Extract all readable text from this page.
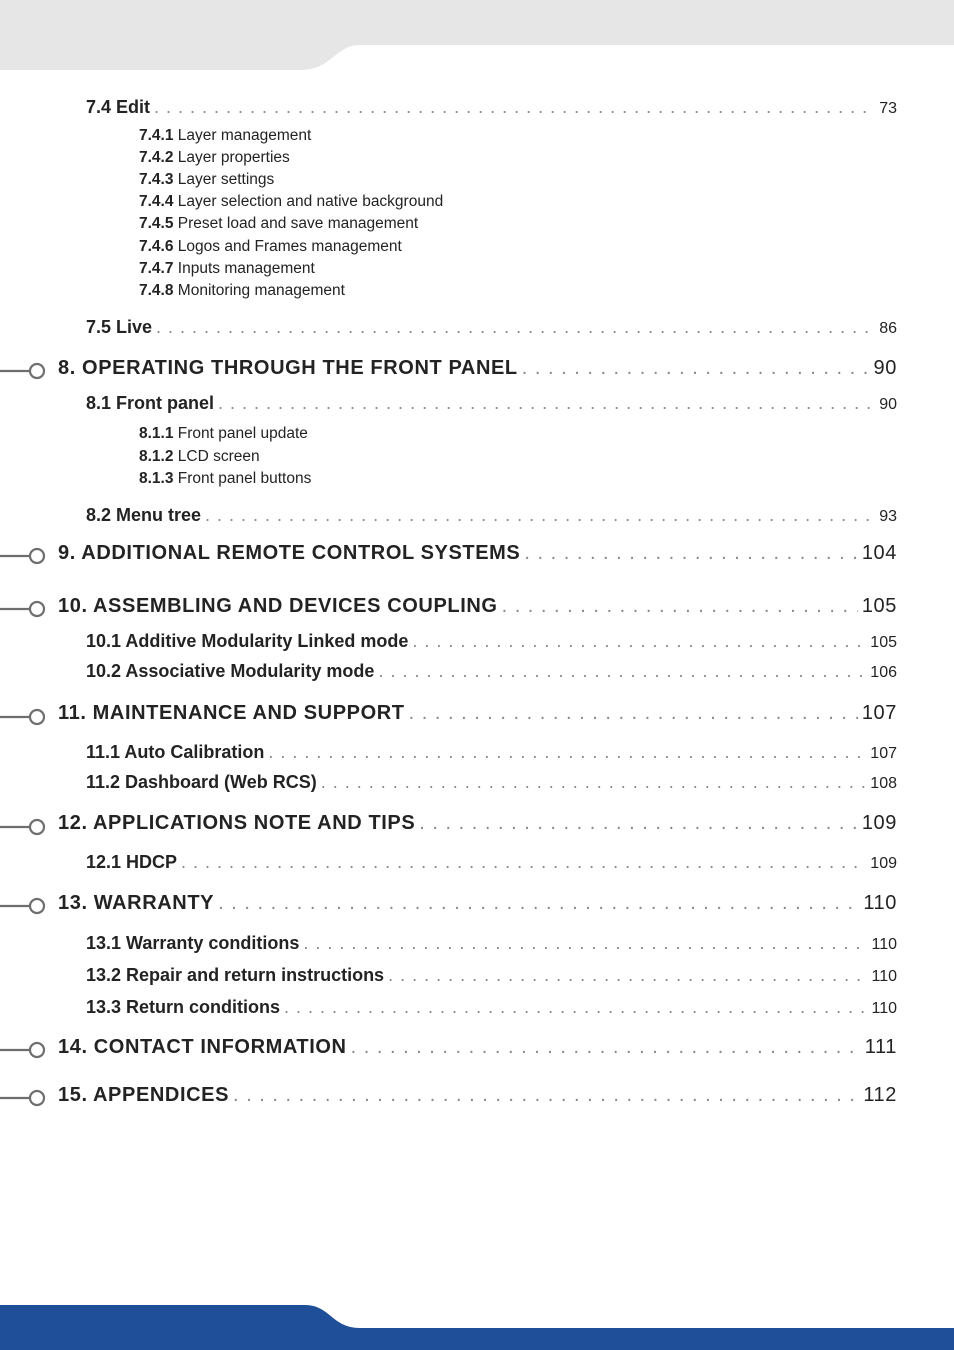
7.4 Edit . . .	73
7.4.1 Layer management
7.4.2 Layer properties
7.4.3 Layer settings
7.4.4 Layer selection and native background
7.4.5 Preset load and save management
7.4.6 Logos and Frames management
7.4.7 Inputs management
7.4.8 Monitoring management
7.5 Live . . .	86
8. OPERATING THROUGH THE FRONT PANEL . . .	90
8.1 Front panel . . .	90
8.1.1 Front panel update
8.1.2 LCD screen
8.1.3 Front panel buttons
8.2 Menu tree . . .	93
9. ADDITIONAL REMOTE CONTROL SYSTEMS . . .	104
10. ASSEMBLING AND DEVICES COUPLING . . .	105
10.1 Additive Modularity Linked mode . . .	105
10.2 Associative Modularity mode . . .	106
11. MAINTENANCE AND SUPPORT . . .	107
11.1 Auto Calibration . . .	107
11.2 Dashboard (Web RCS) . . .	108
12. APPLICATIONS NOTE AND TIPS . . .	109
12.1 HDCP . . .	109
13. WARRANTY . . .	110
13.1 Warranty conditions . . .	110
13.2 Repair and return instructions . . .	110
13.3 Return conditions . . .	110
14. CONTACT INFORMATION . . .	111
15. APPENDICES . . .	112
